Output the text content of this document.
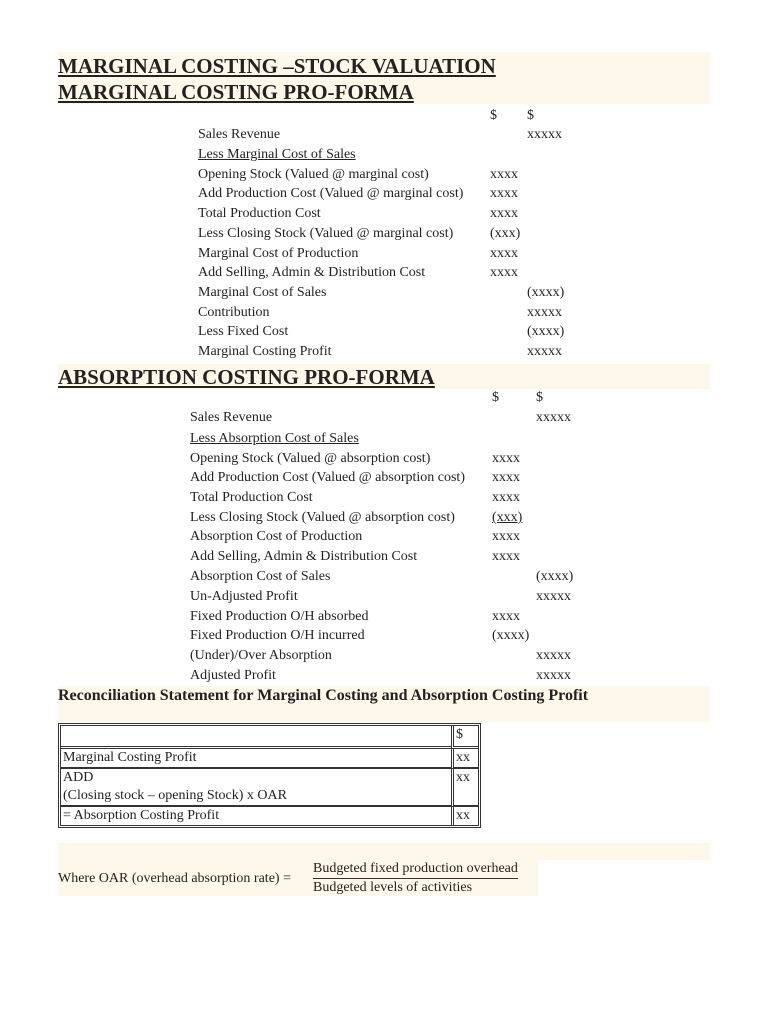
MARGINAL COSTING –STOCK VALUATION
MARGINAL COSTING PRO-FORMA
$ $
Sales Revenue	xxxxx
Less Marginal Cost of Sales
Opening Stock (Valued @ marginal cost)	xxxx
Add Production Cost (Valued @ marginal cost) xxxx
Total Production Cost	xxxx
Less Closing Stock (Valued @ marginal cost)	(xxx)
Marginal Cost of Production	xxxx
Add Selling, Admin & Distribution Cost	xxxx
Marginal Cost of Sales	(xxxx)
Contribution	xxxxx
Less Fixed Cost	(xxxx)
Marginal Costing Profit	xxxxx
ABSORPTION COSTING PRO-FORMA
$	$
Sales Revenue	xxxxx
Less Absorption Cost of Sales
Opening Stock (Valued @ absorption cost)	xxxx
Add Production Cost (Valued @ absorption cost) xxxx
Total Production Cost	xxxx
Less Closing Stock (Valued @ absorption cost)	(xxx)
Absorption Cost of Production	xxxx
Add Selling, Admin & Distribution Cost	xxxx
Absorption Cost of Sales	(xxxx)
Un-Adjusted Profit	xxxxx
Fixed Production O/H absorbed	xxxx
Fixed Production O/H incurred	(xxxx)
(Under)/Over Absorption	xxxxx
Adjusted Profit	xxxxx
Reconciliation Statement for Marginal Costing and Absorption Costing Profit
	$
Marginal Costing Profit	xx

ADD
(Closing stock – opening Stock) x OAR	xx
= Absorption Costing Profit	xx
Where OAR (overhead absorption rate) =
Budgeted fixed production overhead
Budgeted levels of activities
